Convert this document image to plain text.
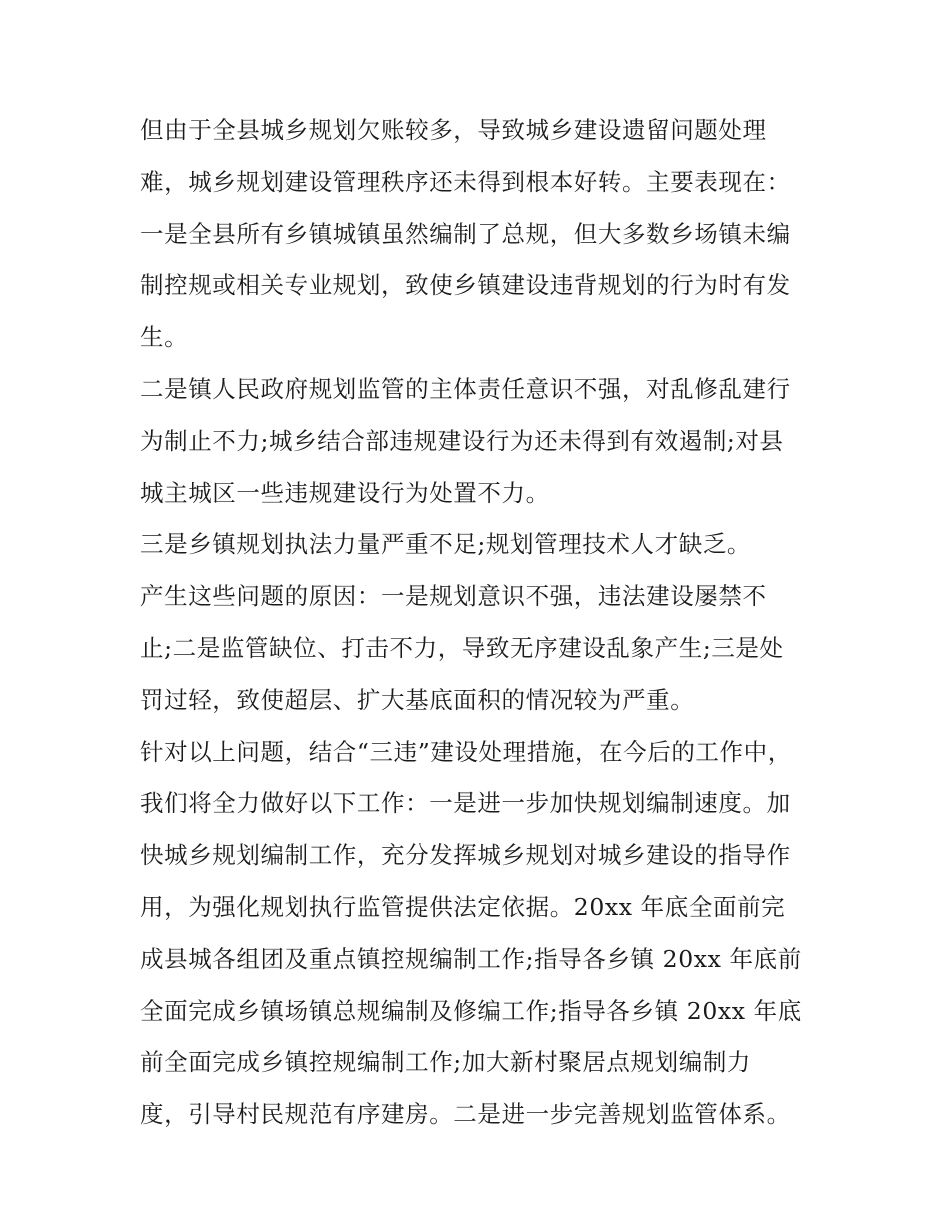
但由于全县城乡规划欠账较多，导致城乡建设遗留问题处理
难，城乡规划建设管理秩序还未得到根本好转。主要表现在：
一是全县所有乡镇城镇虽然编制了总规，但大多数乡场镇未编
制控规或相关专业规划，致使乡镇建设违背规划的行为时有发
生。
二是镇人民政府规划监管的主体责任意识不强，对乱修乱建行
为制止不力;城乡结合部违规建设行为还未得到有效遏制;对县
城主城区一些违规建设行为处置不力。
三是乡镇规划执法力量严重不足;规划管理技术人才缺乏。
产生这些问题的原因：一是规划意识不强，违法建设屡禁不
止;二是监管缺位、打击不力，导致无序建设乱象产生;三是处
罚过轻，致使超层、扩大基底面积的情况较为严重。
针对以上问题，结合“三违”建设处理措施，在今后的工作中，
我们将全力做好以下工作：一是进一步加快规划编制速度。加
快城乡规划编制工作，充分发挥城乡规划对城乡建设的指导作
用，为强化规划执行监管提供法定依据。20xx 年底全面前完
成县城各组团及重点镇控规编制工作;指导各乡镇 20xx 年底前
全面完成乡镇场镇总规编制及修编工作;指导各乡镇 20xx 年底
前全面完成乡镇控规编制工作;加大新村聚居点规划编制力
度，引导村民规范有序建房。二是进一步完善规划监管体系。
